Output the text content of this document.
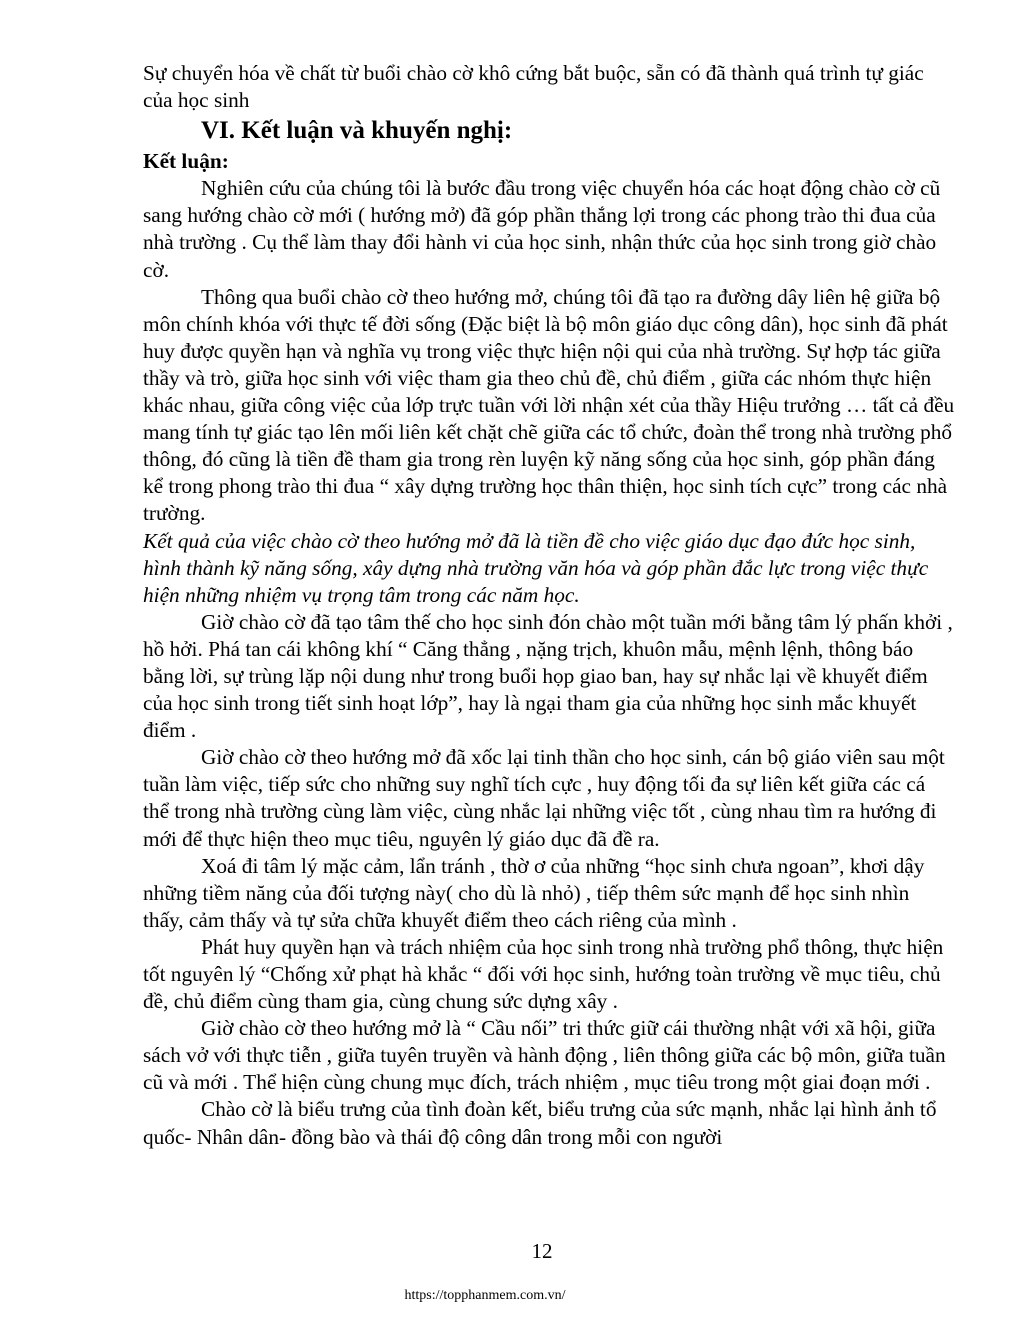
Sự chuyển hóa về chất từ buổi chào cờ khô cứng bắt buộc, sẵn có đã thành quá trình tự giác của học sinh

VI. Kết luận và khuyến nghị:

Kết luận:

Nghiên cứu của chúng tôi là bước đầu trong việc chuyển hóa các hoạt động chào cờ cũ sang hướng chào cờ mới ( hướng mở) đã góp phần thắng lợi trong các phong trào thi đua của nhà trường . Cụ thể làm thay đổi hành vi của học sinh, nhận thức của học sinh trong giờ chào cờ.

Thông qua buổi chào cờ theo hướng mở, chúng tôi đã tạo ra đường dây liên hệ giữa bộ môn chính khóa với thực tế đời sống (Đặc biệt là bộ môn giáo dục công dân), học sinh đã phát huy được quyền hạn và nghĩa vụ trong việc thực hiện nội qui của nhà trường. Sự hợp tác giữa thầy và trò, giữa học sinh với việc tham gia theo chủ đề, chủ điểm , giữa các nhóm thực hiện khác nhau, giữa công việc của lớp trực tuần với lời nhận xét của thầy Hiệu trưởng … tất cả đều mang tính tự giác tạo lên mối liên kết chặt chẽ giữa các tổ chức, đoàn thể trong nhà trường phổ thông, đó cũng là tiền đề tham gia trong rèn luyện kỹ năng sống của học sinh, góp phần đáng kể trong phong trào thi đua “ xây dựng trường học thân thiện, học sinh tích cực” trong các nhà trường.

Kết quả của việc chào cờ theo hướng mở đã là tiền đề cho việc giáo dục đạo đức học sinh, hình thành kỹ năng sống, xây dựng nhà trường văn hóa và góp phần đắc lực trong việc thực hiện những nhiệm vụ trọng tâm trong các năm học.

Giờ chào cờ đã tạo tâm thế cho học sinh đón chào một tuần mới bằng tâm lý phấn khởi , hồ hởi. Phá tan cái không khí “ Căng thẳng , nặng trịch, khuôn mẫu, mệnh lệnh, thông báo bằng lời, sự trùng lặp nội dung như trong buổi họp giao ban, hay sự nhắc lại về khuyết điểm của học sinh trong tiết sinh hoạt lớp”, hay là ngại tham gia của những học sinh mắc khuyết điểm .

Giờ chào cờ theo hướng mở đã xốc lại tinh thần cho học sinh, cán bộ giáo viên sau một tuần làm việc, tiếp sức cho những suy nghĩ tích cực , huy động tối đa sự liên kết giữa các cá thể trong nhà trường cùng làm việc, cùng nhắc lại những việc tốt , cùng nhau tìm ra hướng đi mới để thực hiện theo mục tiêu, nguyên lý giáo dục đã đề ra.

Xoá đi tâm lý mặc cảm, lẩn tránh , thờ ơ của những “học sinh chưa ngoan”, khơi dậy những tiềm năng của đối tượng này( cho dù là nhỏ) , tiếp thêm sức mạnh để học sinh nhìn thấy, cảm thấy và tự sửa chữa khuyết điểm theo cách riêng của mình .

Phát huy quyền hạn và trách nhiệm của học sinh trong nhà trường phổ thông, thực hiện tốt nguyên lý “Chống xử phạt hà khắc “ đối với học sinh, hướng toàn trường về mục tiêu, chủ đề, chủ điểm cùng tham gia, cùng chung sức dựng xây .

Giờ chào cờ theo hướng mở là “ Cầu nối” tri thức giữ cái thường nhật với xã hội, giữa sách vở với thực tiễn , giữa tuyên truyền và hành động , liên thông giữa các bộ môn, giữa tuần cũ và mới . Thể hiện cùng chung mục đích, trách nhiệm , mục tiêu trong một giai đoạn mới .

Chào cờ là biểu trưng của tình đoàn kết, biểu trưng của sức mạnh, nhắc lại hình ảnh tổ quốc- Nhân dân- đồng bào và thái độ công dân trong mỗi con người

12
https://topphanmem.com.vn/
